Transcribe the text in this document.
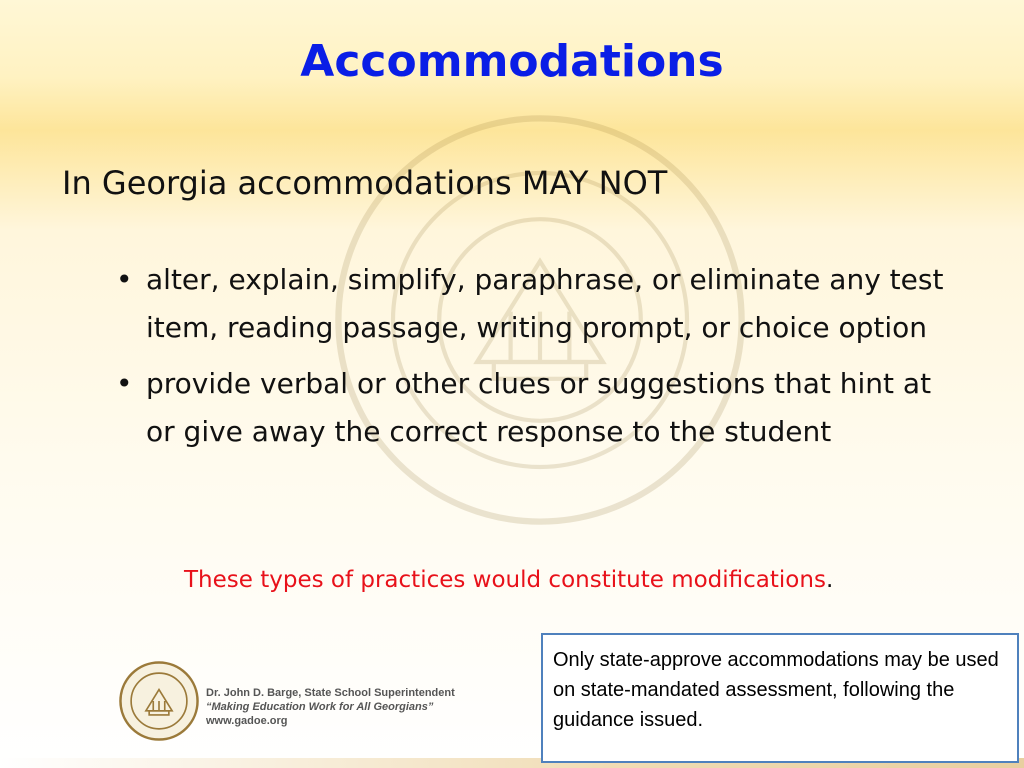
Accommodations
In Georgia accommodations MAY NOT
• alter, explain, simplify, paraphrase, or eliminate any test item, reading passage, writing prompt, or choice option
• provide verbal or other clues or suggestions that hint at or give away the correct response to the student
These types of practices would constitute modifications.
Dr. John D. Barge, State School Superintendent
“Making Education Work for All Georgians”
www.gadoe.org
Only state-approve accommodations may be used on state-mandated assessment, following the guidance issued.
